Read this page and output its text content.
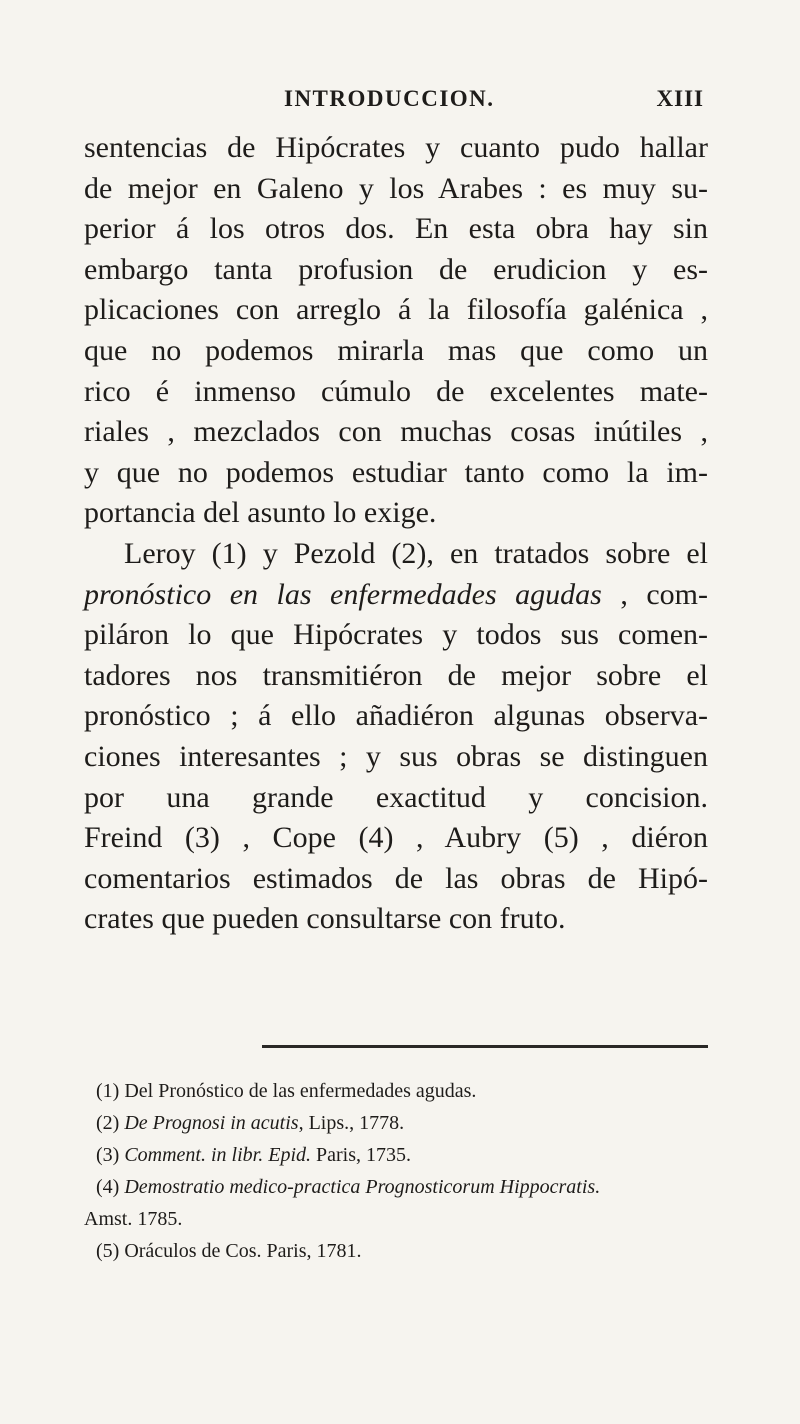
INTRODUCCION.	XIII
sentencias de Hipócrates y cuanto pudo hallar
de mejor en Galeno y los Arabes : es muy su-
perior á los otros dos. En esta obra hay sin
embargo tanta profusion de erudicion y es-
plicaciones con arreglo á la filosofía galénica ,
que no podemos mirarla mas que como un
rico é inmenso cúmulo de excelentes mate-
riales , mezclados con muchas cosas inútiles ,
y que no podemos estudiar tanto como la im-
portancia del asunto lo exige.
Leroy (1) y Pezold (2), en tratados sobre el
pronóstico en las enfermedades agudas , com-
piláron lo que Hipócrates y todos sus comen-
tadores nos transmitiéron de mejor sobre el
pronóstico ; á ello añadiéron algunas observa-
ciones interesantes ; y sus obras se distinguen
por una grande exactitud y concision.
Freind (3) , Cope (4) , Aubry (5) , diéron
comentarios estimados de las obras de Hipó-
crates que pueden consultarse con fruto.
(1) Del Pronóstico de las enfermedades agudas.
(2) De Prognosi in acutis, Lips., 1778.
(3) Comment. in libr. Epid. Paris, 1735.
(4) Demostratio medico-practica Prognosticorum Hippocratis.
Amst. 1785.
(5) Oráculos de Cos. Paris, 1781.
